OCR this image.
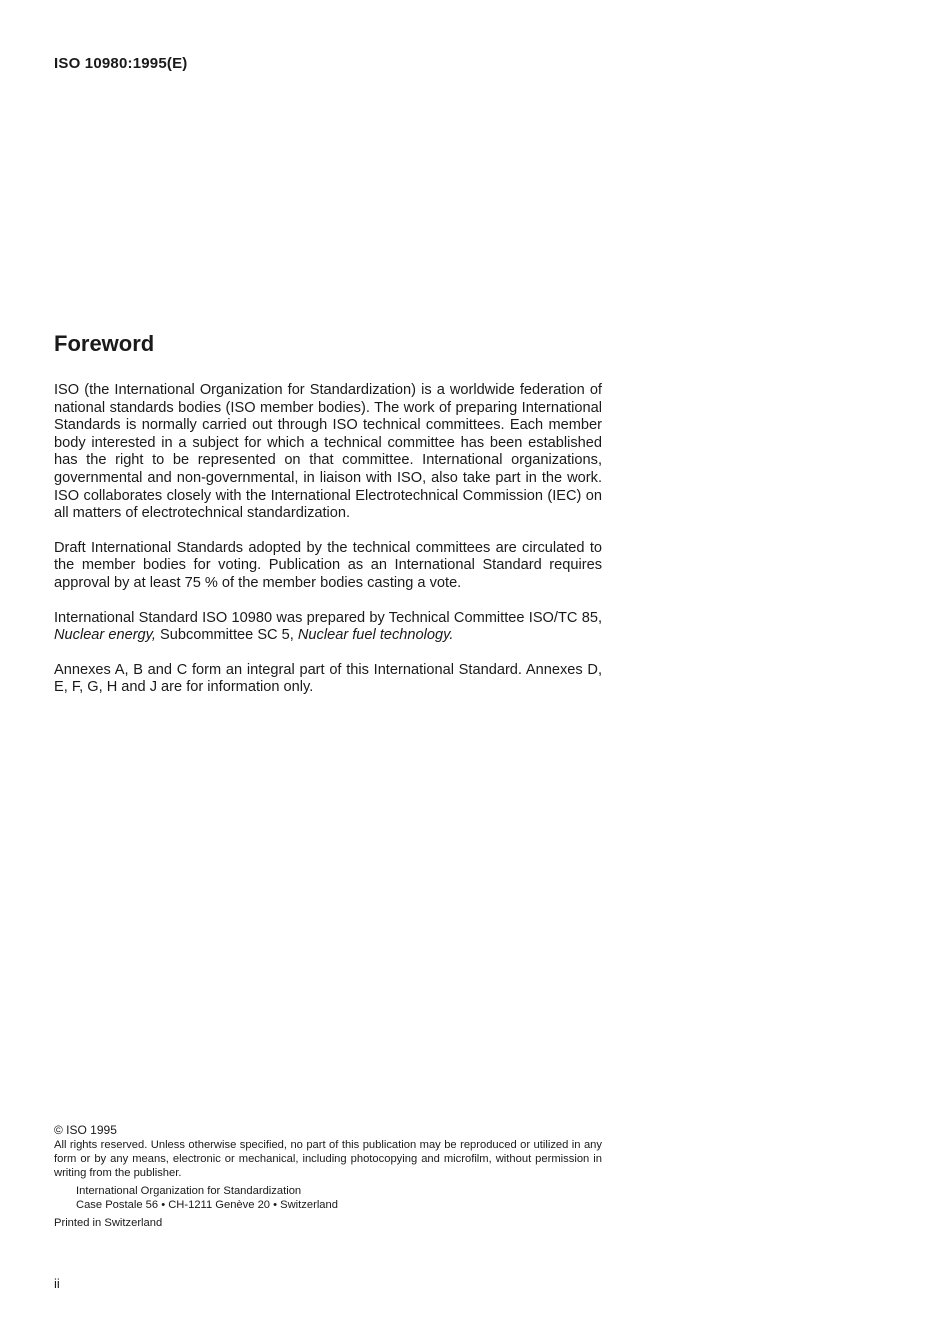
ISO 10980:1995(E)
Foreword

ISO (the International Organization for Standardization) is a worldwide federation of national standards bodies (ISO member bodies). The work of preparing International Standards is normally carried out through ISO technical committees. Each member body interested in a subject for which a technical committee has been established has the right to be represented on that committee. International organizations, governmental and non-governmental, in liaison with ISO, also take part in the work. ISO collaborates closely with the International Electrotechnical Commission (IEC) on all matters of electrotechnical standardization.

Draft International Standards adopted by the technical committees are circulated to the member bodies for voting. Publication as an International Standard requires approval by at least 75 % of the member bodies casting a vote.

International Standard ISO 10980 was prepared by Technical Committee ISO/TC 85, Nuclear energy, Subcommittee SC 5, Nuclear fuel technology.

Annexes A, B and C form an integral part of this International Standard. Annexes D, E, F, G, H and J are for information only.

© ISO 1995

All rights reserved. Unless otherwise specified, no part of this publication may be reproduced or utilized in any form or by any means, electronic or mechanical, including photocopying and microfilm, without permission in writing from the publisher.

International Organization for Standardization
Case Postale 56 • CH-1211 Genève 20 • Switzerland
Printed in Switzerland
ii
